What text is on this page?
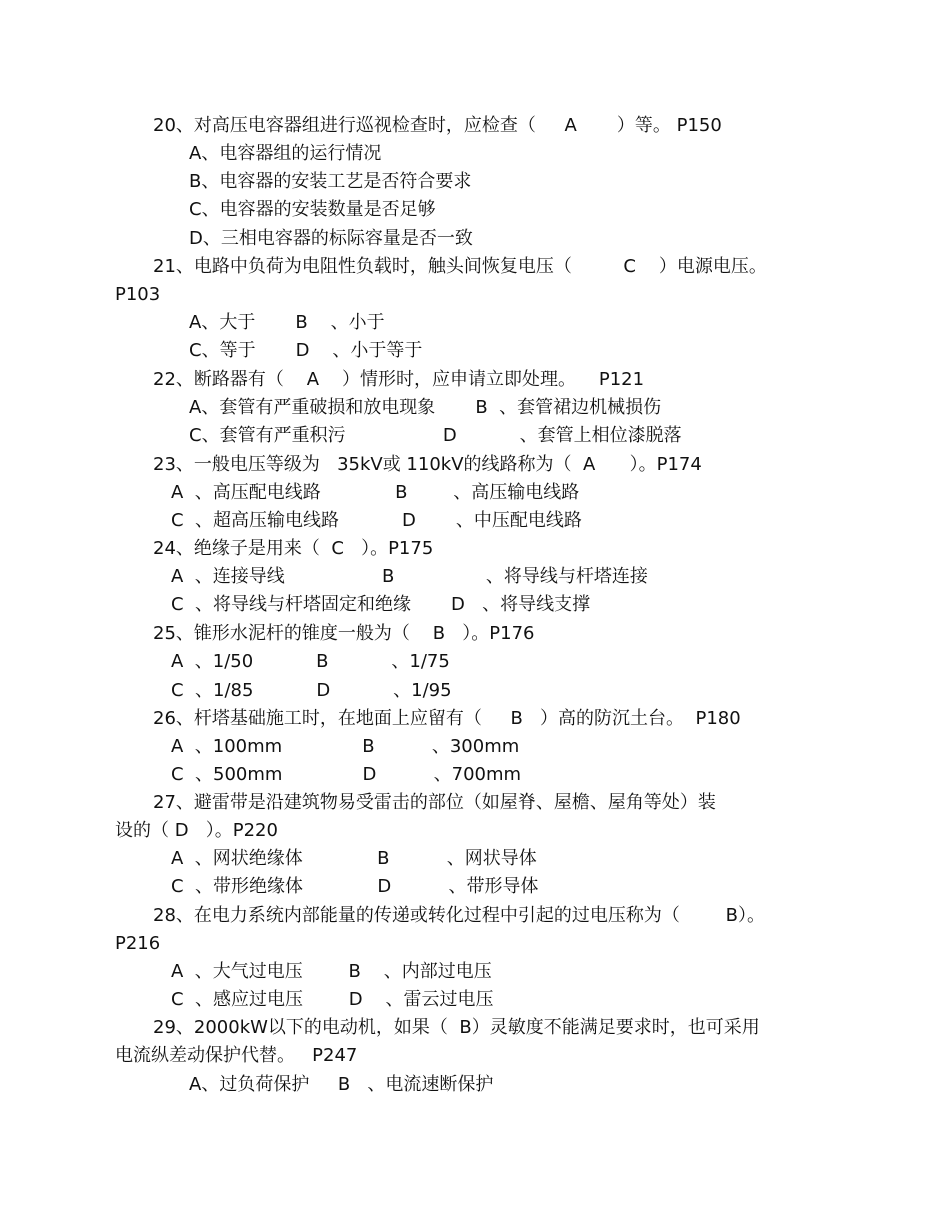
20、对高压电容器组进行巡视检查时，应检查（     A       ）等。 P150
A、电容器组的运行情况
B、电容器的安装工艺是否符合要求
C、电容器的安装数量是否足够
D、三相电容器的标际容量是否一致
21、电路中负荷为电阻性负载时，触头间恢复电压（         C    ）电源电压。
P103
A、大于       B    、小于
C、等于       D    、小于等于
22、断路器有（    A    ）情形时，应申请立即处理。    P121
A、套管有严重破损和放电现象       B  、套管裙边机械损伤
C、套管有严重积污                 D           、套管上相位漆脱落
23、一般电压等级为   35kV或 110kV的线路称为（  A      ）。P174
A  、高压配电线路             B        、高压输电线路
C  、超高压输电线路           D       、中压配电线路
24、绝缘子是用来（  C   ）。P175
A  、连接导线                 B                、将导线与杆塔连接
C  、将导线与杆塔固定和绝缘       D   、将导线支撑
25、锥形水泥杆的锥度一般为（    B   ）。P176
A  、1/50           B           、1/75
C  、1/85           D           、1/95
26、杆塔基础施工时，在地面上应留有（     B   ）高的防沉土台。  P180
A  、100mm              B          、300mm
C  、500mm              D          、700mm
27、避雷带是沿建筑物易受雷击的部位（如屋脊、屋檐、屋角等处）装
设的（ D   ）。P220
A  、网状绝缘体             B          、网状导体
C  、带形绝缘体             D          、带形导体
28、在电力系统内部能量的传递或转化过程中引起的过电压称为（        B）。
P216
A  、大气过电压        B    、内部过电压
C  、感应过电压        D    、雷云过电压
29、2000kW以下的电动机，如果（  B）灵敏度不能满足要求时，也可采用
电流纵差动保护代替。   P247
A、过负荷保护     B   、电流速断保护
